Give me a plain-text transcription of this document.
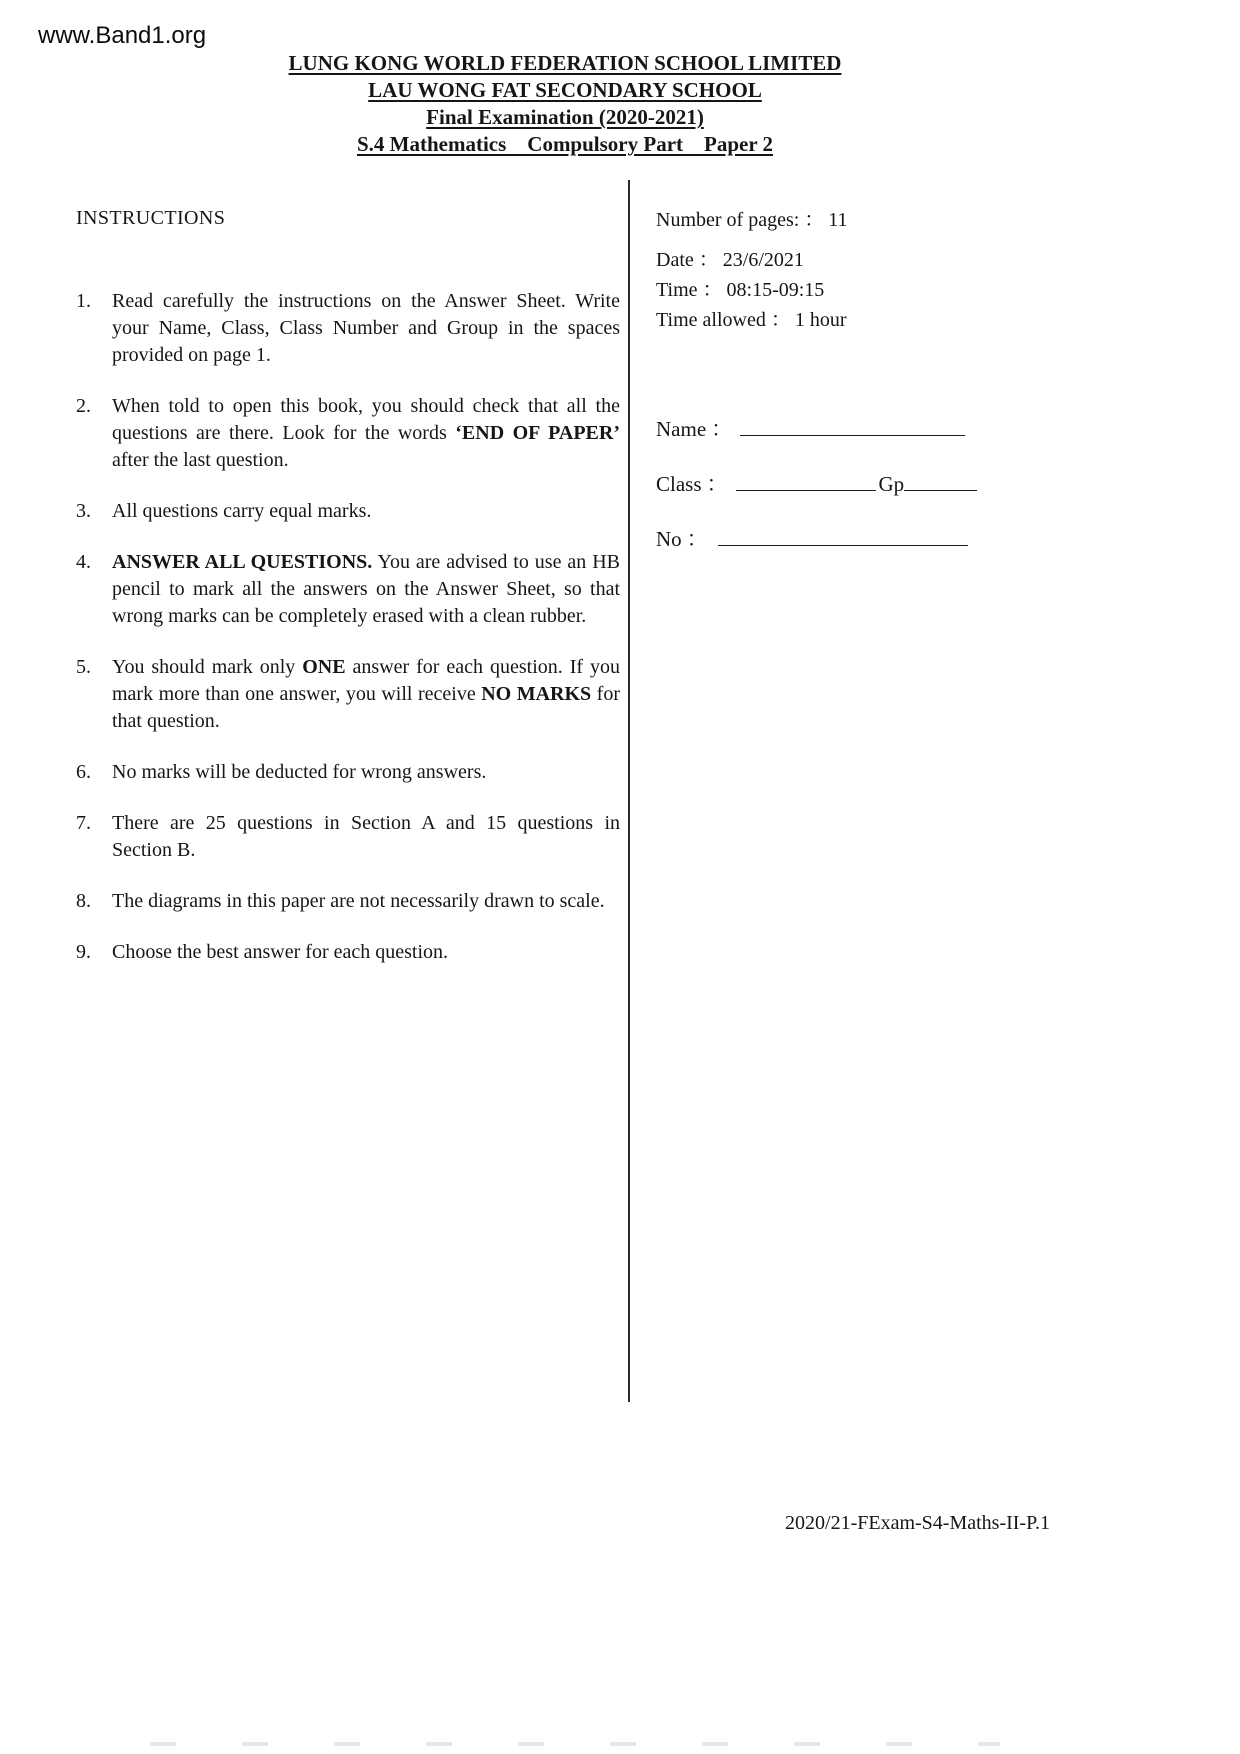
www.Band1.org
LUNG KONG WORLD FEDERATION SCHOOL LIMITED
LAU WONG FAT SECONDARY SCHOOL
Final Examination (2020-2021)
S.4 Mathematics    Compulsory Part    Paper 2
INSTRUCTIONS
1.	Read carefully the instructions on the Answer Sheet. Write your Name, Class, Class Number and Group in the spaces provided on page 1.
2.	When told to open this book, you should check that all the questions are there. Look for the words ‘END OF PAPER’ after the last question.
3.	All questions carry equal marks.
4.	ANSWER ALL QUESTIONS. You are advised to use an HB pencil to mark all the answers on the Answer Sheet, so that wrong marks can be completely erased with a clean rubber.
5.	You should mark only ONE answer for each question. If you mark more than one answer, you will receive NO MARKS for that question.
6.	No marks will be deducted for wrong answers.
7.	There are 25 questions in Section A and 15 questions in Section B.
8.	The diagrams in this paper are not necessarily drawn to scale.
9.	Choose the best answer for each question.
Number of pages: ： 11
Date ： 23/6/2021
Time ： 08:15-09:15
Time allowed ： 1 hour
Name ：
Class ：	Gp
No ：
2020/21-FExam-S4-Maths-II-P.1
